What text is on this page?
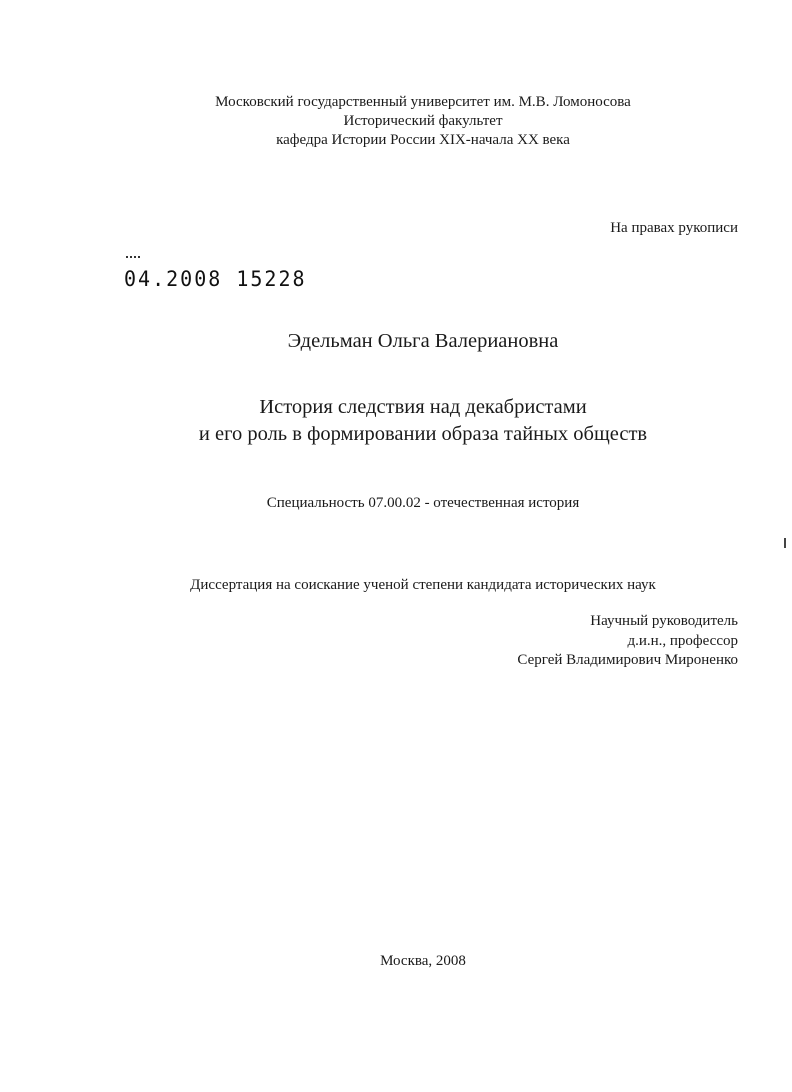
Московский государственный университет им. М.В. Ломоносова
Исторический факультет
кафедра Истории России XIX-начала XX века
На правах рукописи
04.2008 15228
Эдельман Ольга Валериановна
История следствия над декабристами
и его роль в формировании образа тайных обществ
Специальность 07.00.02 - отечественная история
Диссертация на соискание ученой степени кандидата исторических наук
Научный руководитель
д.и.н., профессор
Сергей Владимирович Мироненко
Москва, 2008
